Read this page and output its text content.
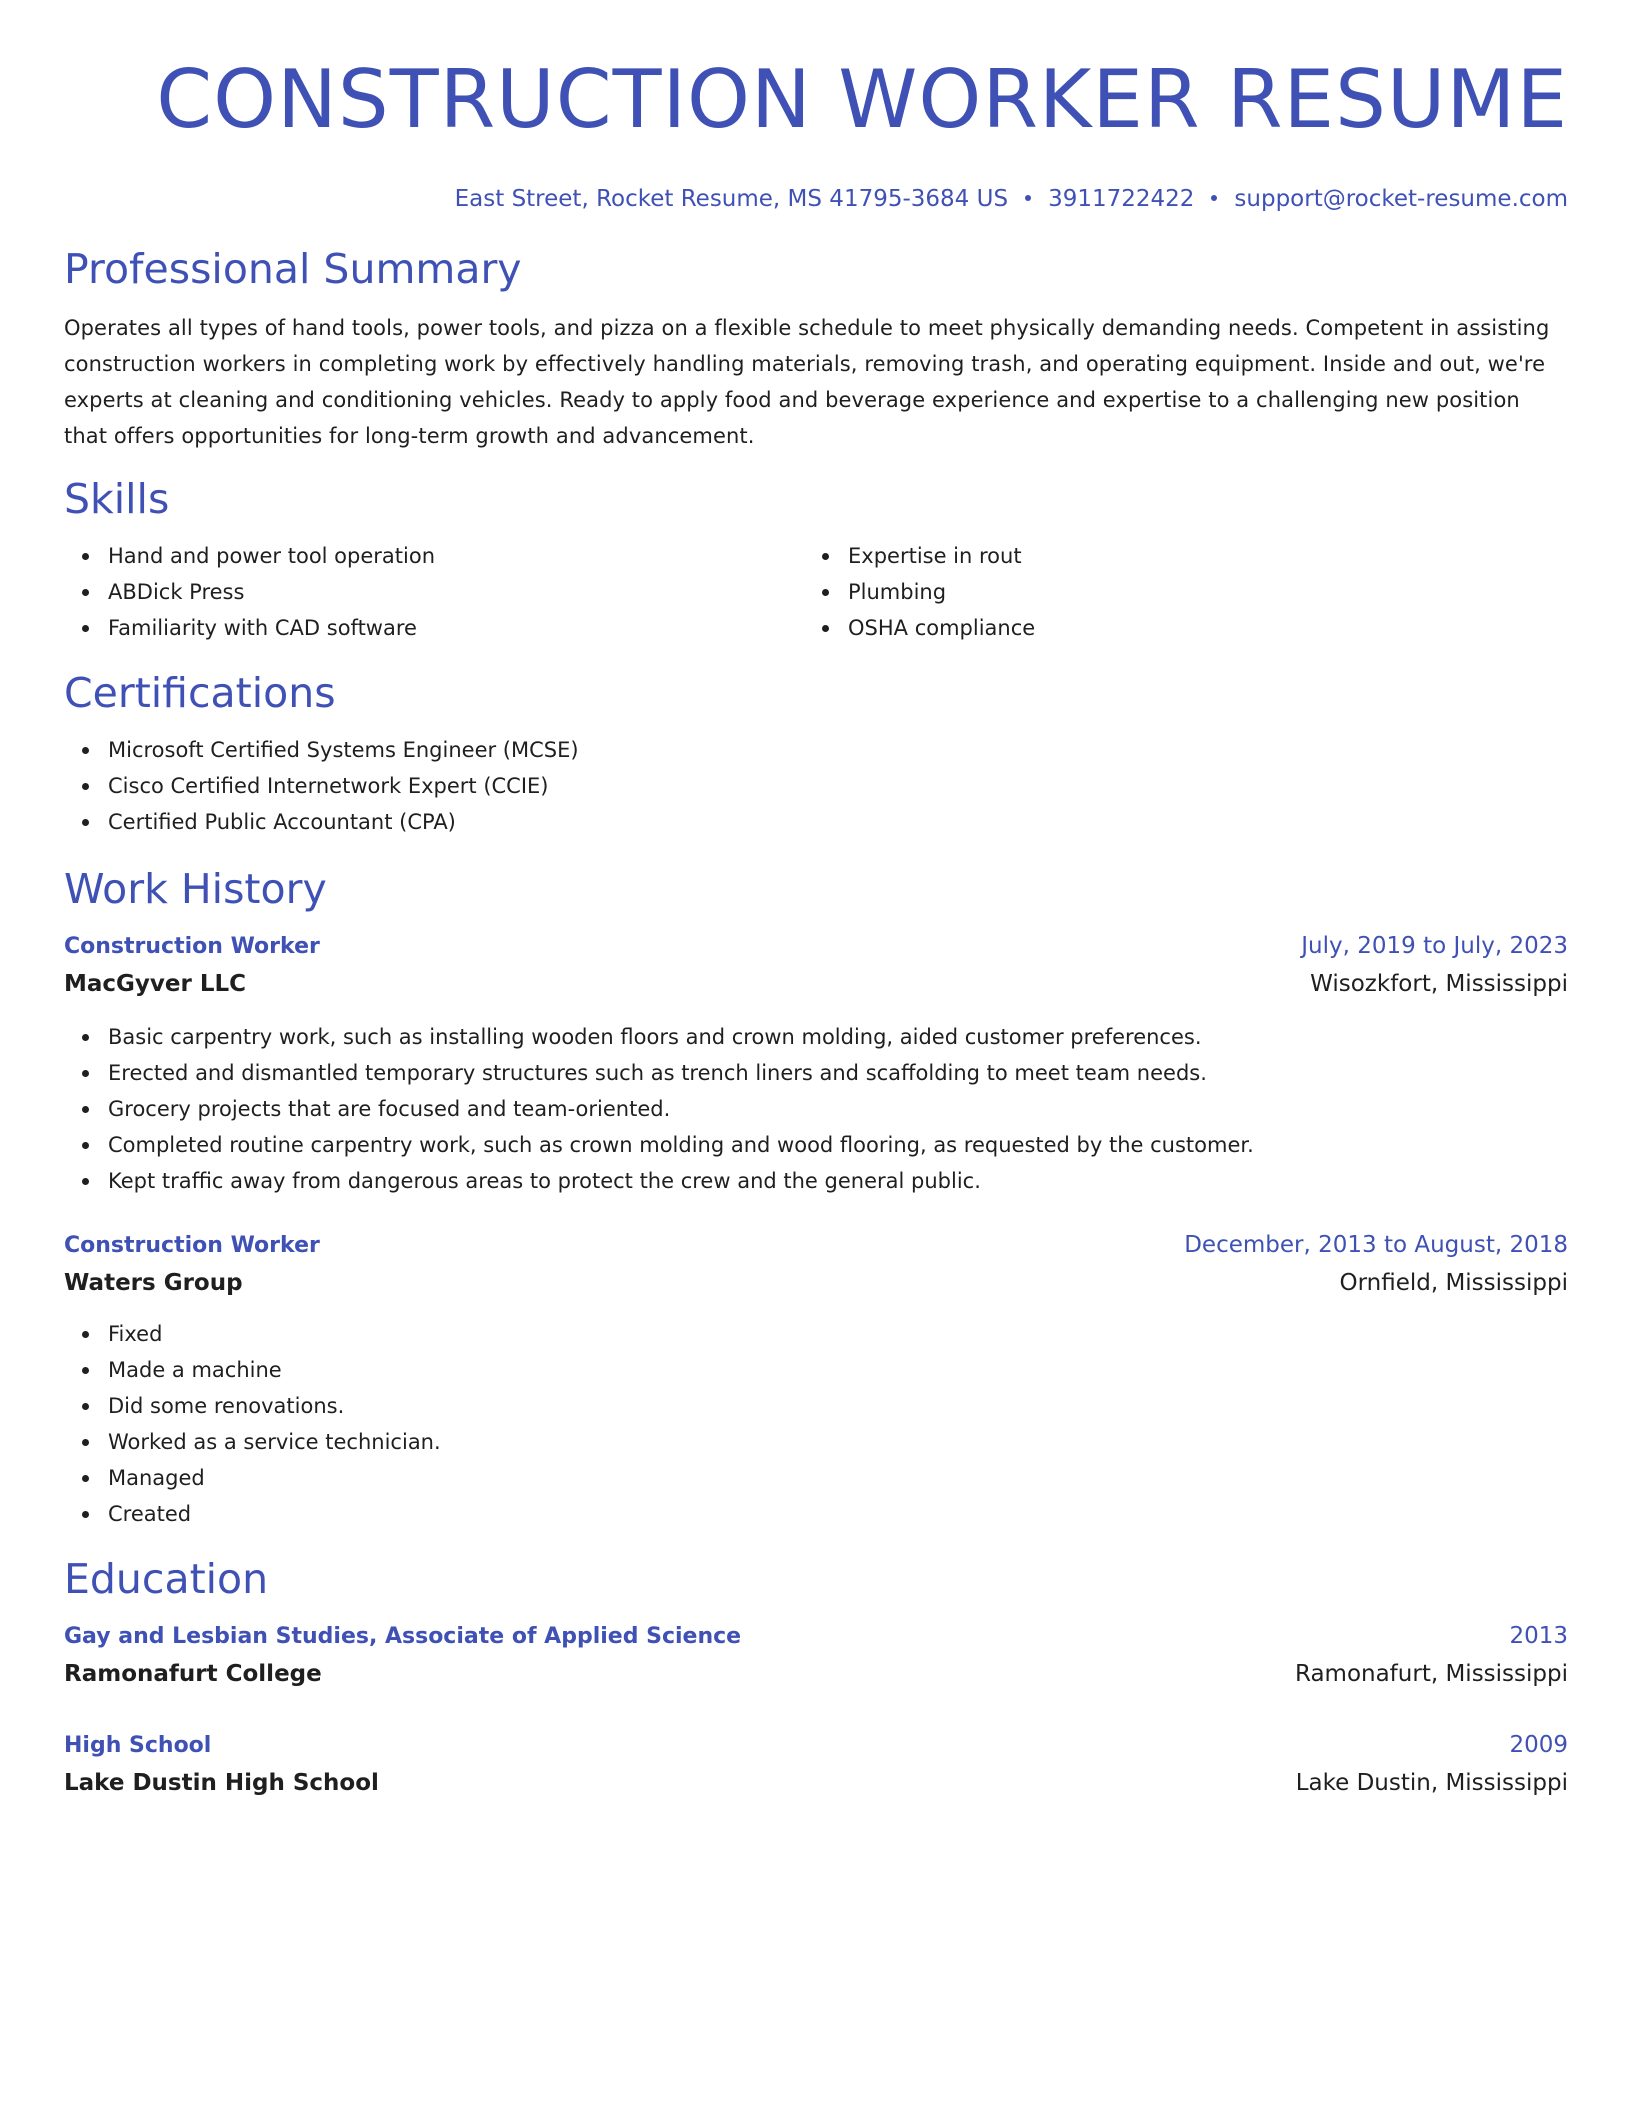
CONSTRUCTION WORKER RESUME
East Street, Rocket Resume, MS 41795-3684 US 3911722422 support@rocket-resume.com
Professional Summary

Operates all types of hand tools, power tools, and pizza on a flexible schedule to meet physically demanding needs. Competent in assisting construction workers in completing work by effectively handling materials, removing trash, and operating equipment. Inside and out, we're experts at cleaning and conditioning vehicles. Ready to apply food and beverage experience and expertise to a challenging new position that offers opportunities for long-term growth and advancement.

Skills
Hand and power tool operation
ABDick Press
Familiarity with CAD software
Expertise in rout
Plumbing
OSHA compliance
Certifications
Microsoft Certified Systems Engineer (MCSE)
Cisco Certified Internetwork Expert (CCIE)
Certified Public Accountant (CPA)
Work History
Construction Worker	July, 2019 to July, 2023
MacGyver LLC	Wisozkfort, Mississippi
Basic carpentry work, such as installing wooden floors and crown molding, aided customer preferences.
Erected and dismantled temporary structures such as trench liners and scaffolding to meet team needs.
Grocery projects that are focused and team-oriented.
Completed routine carpentry work, such as crown molding and wood flooring, as requested by the customer.
Kept traffic away from dangerous areas to protect the crew and the general public.
Construction Worker	December, 2013 to August, 2018
Waters Group	Ornfield, Mississippi
Fixed
Made a machine
Did some renovations.
Worked as a service technician.
Managed
Created
Education
Gay and Lesbian Studies, Associate of Applied Science	2013
Ramonafurt College	Ramonafurt, Mississippi
High School	2009
Lake Dustin High School	Lake Dustin, Mississippi
